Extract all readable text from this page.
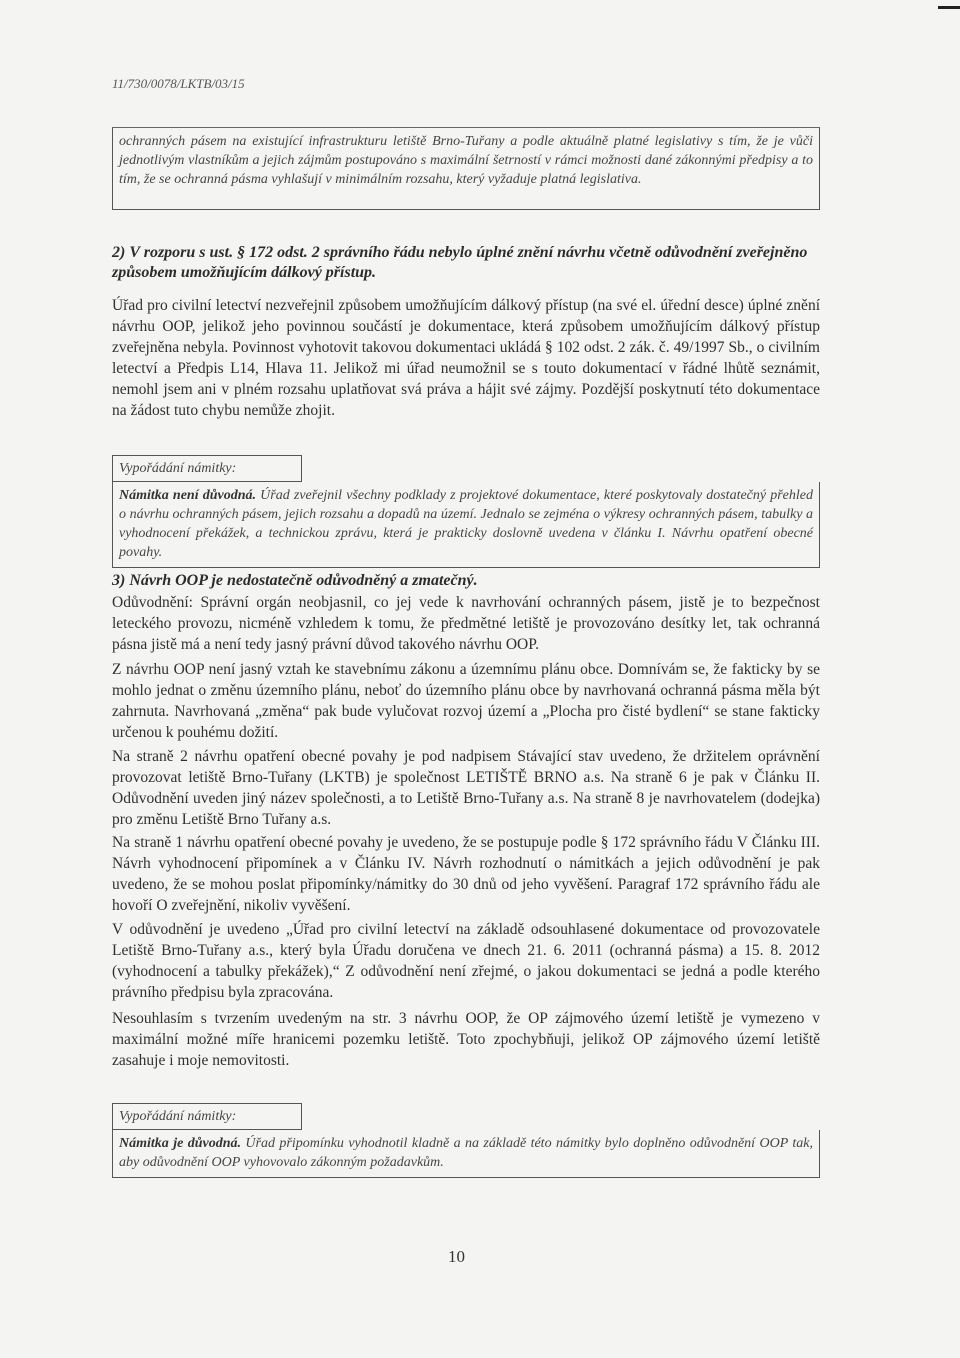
11/730/0078/LKTB/03/15
ochranných pásem na existující infrastrukturu letiště Brno-Tuřany a podle aktuálně platné legislativy s tím, že je vůči jednotlivým vlastníkům a jejich zájmům postupováno s maximální šetrností v rámci možnosti dané zákonnými předpisy a to tím, že se ochranná pásma vyhlašují v minimálním rozsahu, který vyžaduje platná legislativa.
2) V rozporu s ust. § 172 odst. 2 správního řádu nebylo úplné znění návrhu včetně odůvodnění zveřejněno způsobem umožňujícím dálkový přístup.
Úřad pro civilní letectví nezveřejnil způsobem umožňujícím dálkový přístup (na své el. úřední desce) úplné znění návrhu OOP, jelikož jeho povinnou součástí je dokumentace, která způsobem umožňujícím dálkový přístup zveřejněna nebyla. Povinnost vyhotovit takovou dokumentaci ukládá § 102 odst. 2 zák. č. 49/1997 Sb., o civilním letectví a Předpis L14, Hlava 11. Jelikož mi úřad neumožnil se s touto dokumentací v řádné lhůtě seznámit, nemohl jsem ani v plném rozsahu uplatňovat svá práva a hájit své zájmy. Pozdější poskytnutí této dokumentace na žádost tuto chybu nemůže zhojit.
Vypořádání námitky:
Námitka není důvodná. Úřad zveřejnil všechny podklady z projektové dokumentace, které poskytovaly dostatečný přehled o návrhu ochranných pásem, jejich rozsahu a dopadů na území. Jednalo se zejména o výkresy ochranných pásem, tabulky a vyhodnocení překážek, a technickou zprávu, která je prakticky doslovně uvedena v článku I. Návrhu opatření obecné povahy.
3) Návrh OOP je nedostatečně odůvodněný a zmatečný.
Odůvodnění: Správní orgán neobjasnil, co jej vede k navrhování ochranných pásem, jistě je to bezpečnost leteckého provozu, nicméně vzhledem k tomu, že předmětné letiště je provozováno desítky let, tak ochranná pásna jistě má a není tedy jasný právní důvod takového návrhu OOP.
Z návrhu OOP není jasný vztah ke stavebnímu zákonu a územnímu plánu obce. Domnívám se, že fakticky by se mohlo jednat o změnu územního plánu, neboť do územního plánu obce by navrhovaná ochranná pásma měla být zahrnuta. Navrhovaná „změna“ pak bude vylučovat rozvoj území a „Plocha pro čisté bydlení“ se stane fakticky určenou k pouhému dožití.
Na straně 2 návrhu opatření obecné povahy je pod nadpisem Stávající stav uvedeno, že držitelem oprávnění provozovat letiště Brno-Tuřany (LKTB) je společnost LETIŠTĚ BRNO a.s. Na straně 6 je pak v Článku II. Odůvodnění uveden jiný název společnosti, a to Letiště Brno-Tuřany a.s. Na straně 8 je navrhovatelem (dodejka) pro změnu Letiště Brno Tuřany a.s.
Na straně 1 návrhu opatření obecné povahy je uvedeno, že se postupuje podle § 172 správního řádu V Článku III. Návrh vyhodnocení připomínek a v Článku IV. Návrh rozhodnutí o námitkách a jejich odůvodnění je pak uvedeno, že se mohou poslat připomínky/námitky do 30 dnů od jeho vyvěšení. Paragraf 172 správního řádu ale hovoří O zveřejnění, nikoliv vyvěšení.
V odůvodnění je uvedeno „Úřad pro civilní letectví na základě odsouhlasené dokumentace od provozovatele Letiště Brno-Tuřany a.s., který byla Úřadu doručena ve dnech 21. 6. 2011 (ochranná pásma) a 15. 8. 2012 (vyhodnocení a tabulky překážek),“ Z odůvodnění není zřejmé, o jakou dokumentaci se jedná a podle kterého právního předpisu byla zpracována.
Nesouhlasím s tvrzením uvedeným na str. 3 návrhu OOP, že OP zájmového území letiště je vymezeno v maximální možné míře hranicemi pozemku letiště. Toto zpochybňuji, jelikož OP zájmového území letiště zasahuje i moje nemovitosti.
Vypořádání námitky:
Námitka je důvodná. Úřad připomínku vyhodnotil kladně a na základě této námitky bylo doplněno odůvodnění OOP tak, aby odůvodnění OOP vyhovovalo zákonným požadavkům.
10
